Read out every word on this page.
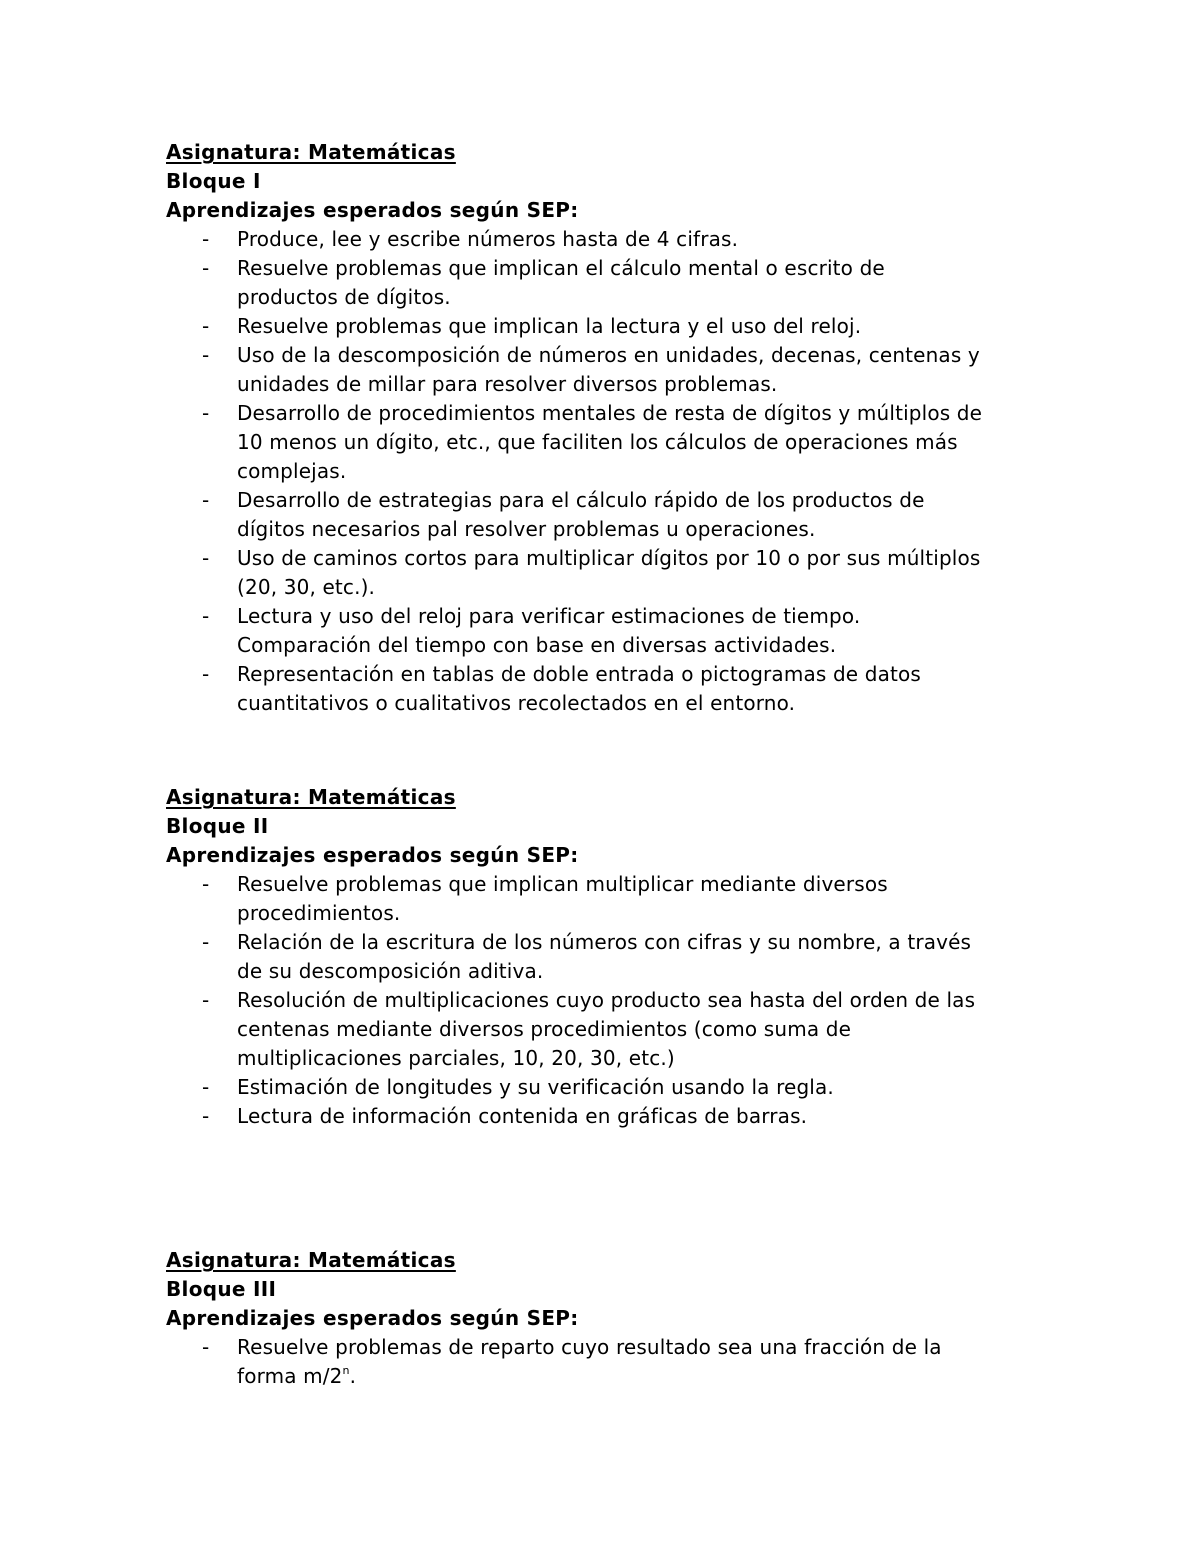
Asignatura: Matemáticas
Bloque I
Aprendizajes esperados según SEP:
- Produce, lee y escribe números hasta de 4 cifras.
- Resuelve problemas que implican el cálculo mental o escrito de
productos de dígitos.
- Resuelve problemas que implican la lectura y el uso del reloj.
- Uso de la descomposición de números en unidades, decenas, centenas y
unidades de millar para resolver diversos problemas.
- Desarrollo de procedimientos mentales de resta de dígitos y múltiplos de
10 menos un dígito, etc., que faciliten los cálculos de operaciones más
complejas.
- Desarrollo de estrategias para el cálculo rápido de los productos de
dígitos necesarios pal resolver problemas u operaciones.
- Uso de caminos cortos para multiplicar dígitos por 10 o por sus múltiplos
(20, 30, etc.).
- Lectura y uso del reloj para verificar estimaciones de tiempo.
Comparación del tiempo con base en diversas actividades.
- Representación en tablas de doble entrada o pictogramas de datos
cuantitativos o cualitativos recolectados en el entorno.
Asignatura: Matemáticas
Bloque II
Aprendizajes esperados según SEP:
- Resuelve problemas que implican multiplicar mediante diversos
procedimientos.
- Relación de la escritura de los números con cifras y su nombre, a través
de su descomposición aditiva.
- Resolución de multiplicaciones cuyo producto sea hasta del orden de las
centenas mediante diversos procedimientos (como suma de
multiplicaciones parciales, 10, 20, 30, etc.)
- Estimación de longitudes y su verificación usando la regla.
- Lectura de información contenida en gráficas de barras.
Asignatura: Matemáticas
Bloque III
Aprendizajes esperados según SEP:
- Resuelve problemas de reparto cuyo resultado sea una fracción de la
forma m/2$^n$.
